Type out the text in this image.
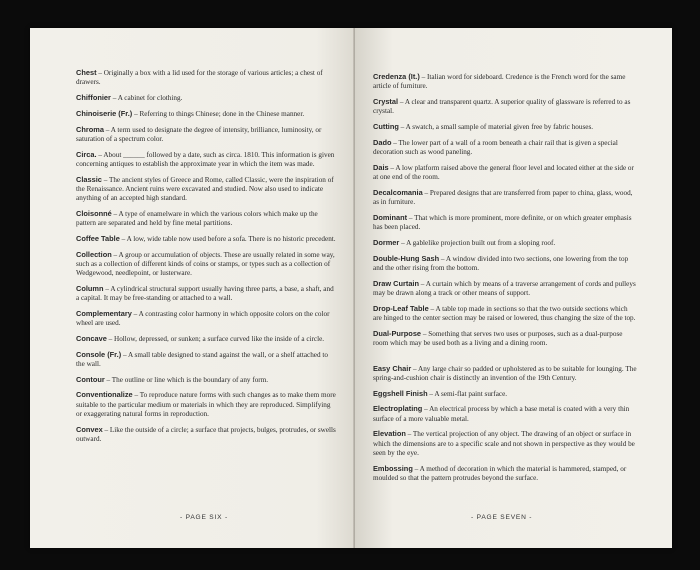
Chest – Originally a box with a lid used for the storage of various articles; a chest of drawers.
Chiffonier – A cabinet for clothing.
Chinoiserie (Fr.) – Referring to things Chinese; done in the Chinese manner.
Chroma – A term used to designate the degree of intensity, brilliance, luminosity, or saturation of a spectrum color.
Circa. – About ______ followed by a date, such as circa. 1810. This information is given concerning antiques to establish the approximate year in which the item was made.
Classic – The ancient styles of Greece and Rome, called Classic, were the inspiration of the Renaissance. Ancient ruins were excavated and studied. Now also used to indicate anything of an accepted high standard.
Cloisonné – A type of enamelware in which the various colors which make up the pattern are separated and held by fine metal partitions.
Coffee Table – A low, wide table now used before a sofa. There is no historic precedent.
Collection – A group or accumulation of objects. These are usually related in some way, such as a collection of different kinds of coins or stamps, or types such as a collection of Wedgewood, needlepoint, or lusterware.
Column – A cylindrical structural support usually having three parts, a base, a shaft, and a capital. It may be free-standing or attached to a wall.
Complementary – A contrasting color harmony in which opposite colors on the color wheel are used.
Concave – Hollow, depressed, or sunken; a surface curved like the inside of a circle.
Console (Fr.) – A small table designed to stand against the wall, or a shelf attached to the wall.
Contour – The outline or line which is the boundary of any form.
Conventionalize – To reproduce nature forms with such changes as to make them more suitable to the particular medium or materials in which they are reproduced. Simplifying or exaggerating natural forms in reproduction.
Convex – Like the outside of a circle; a surface that projects, bulges, protrudes, or swells outward.
- PAGE SIX -
Credenza (It.) – Italian word for sideboard. Credence is the French word for the same article of furniture.
Crystal – A clear and transparent quartz. A superior quality of glassware is referred to as crystal.
Cutting – A swatch, a small sample of material given free by fabric houses.
Dado – The lower part of a wall of a room beneath a chair rail that is given a special decoration such as wood paneling.
Dais – A low platform raised above the general floor level and located either at the side or at one end of the room.
Decalcomania – Prepared designs that are transferred from paper to china, glass, wood, as in furniture.
Dominant – That which is more prominent, more definite, or on which greater emphasis has been placed.
Dormer – A gablelike projection built out from a sloping roof.
Double-Hung Sash – A window divided into two sections, one lowering from the top and the other rising from the bottom.
Draw Curtain – A curtain which by means of a traverse arrangement of cords and pulleys may be drawn along a track or other means of support.
Drop-Leaf Table – A table top made in sections so that the two outside sections which are hinged to the center section may be raised or lowered, thus changing the size of the top.
Dual-Purpose – Something that serves two uses or purposes, such as a dual-purpose room which may be used both as a living and a dining room.
Easy Chair – Any large chair so padded or upholstered as to be suitable for lounging. The spring-and-cushion chair is distinctly an invention of the 19th Century.
Eggshell Finish – A semi-flat paint surface.
Electroplating – An electrical process by which a base metal is coated with a very thin surface of a more valuable metal.
Elevation – The vertical projection of any object. The drawing of an object or surface in which the dimensions are to a specific scale and not shown in perspective as they would be seen by the eye.
Embossing – A method of decoration in which the material is hammered, stamped, or moulded so that the pattern protrudes beyond the surface.
- PAGE SEVEN -
